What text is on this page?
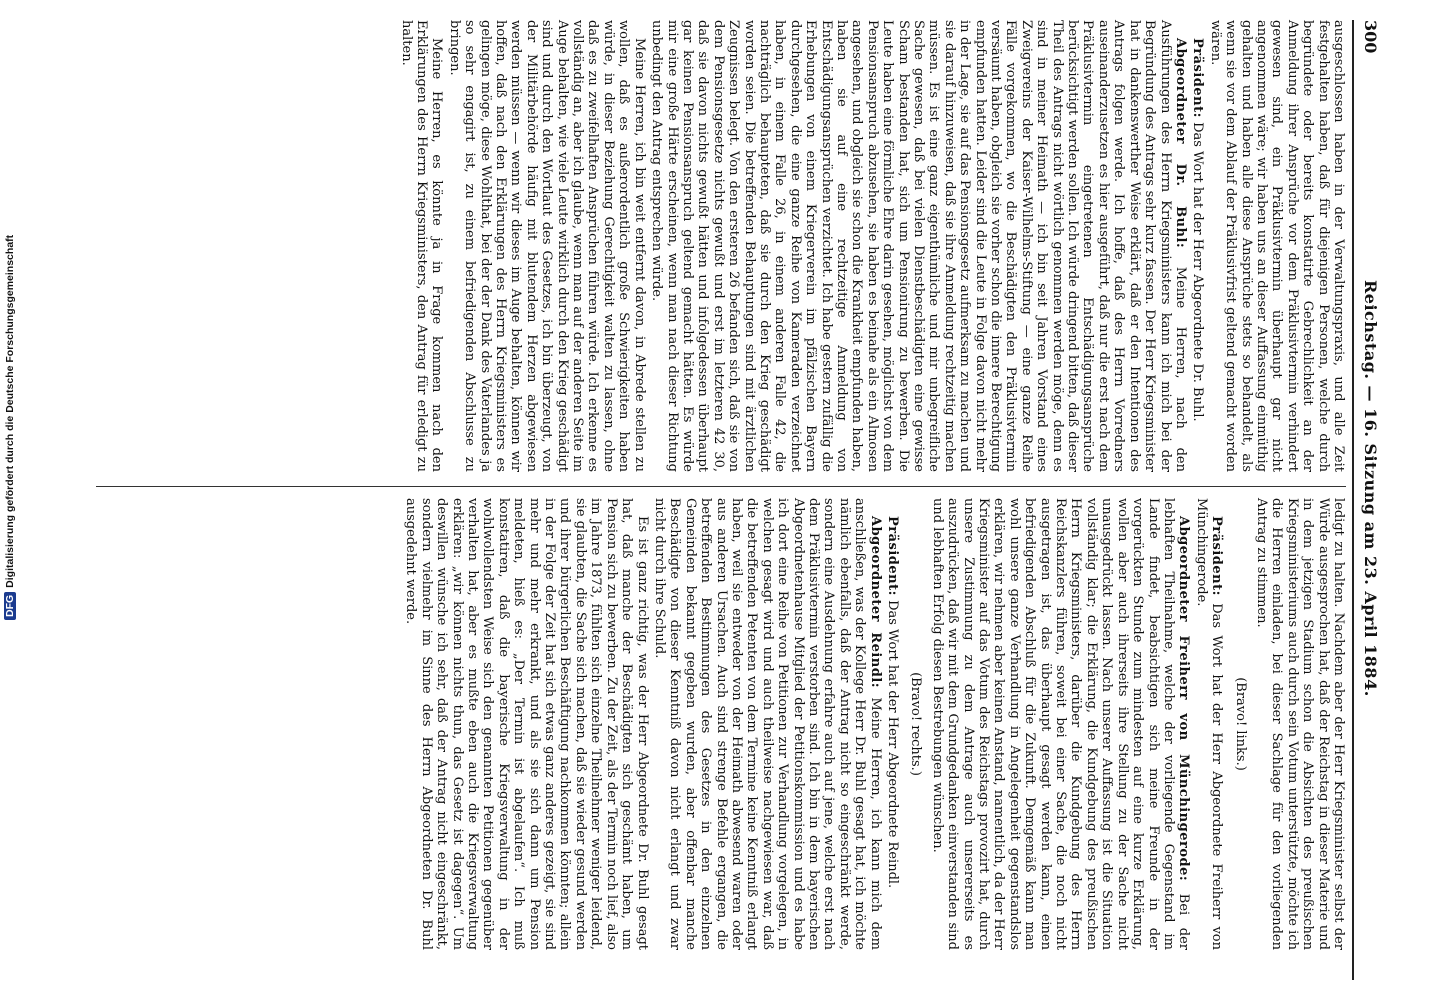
300
Reichstag. — 16. Sitzung am 23. April 1884.

ausgeschlossen haben in der Verwaltungspraxis, und alle Zeit festgehalten haben, daß für diejenigen Personen, welche durch begründete oder bereits konstatirte Gebrechlichkeit an der Anmeldung ihrer Ansprüche vor dem Präklusivtermin verhindert gewesen sind, ein Präklusivtermin überhaupt gar nicht angenommen wäre; wir haben uns an dieser Auffassung einmüthig gehalten und haben alle diese Ansprüche stets so behandelt, als wenn sie vor dem Ablauf der Präklusivfrist geltend gemacht worden wären.

Präsident: Das Wort hat der Herr Abgeordnete Dr. Buhl.

Abgeordneter Dr. Buhl: Meine Herren, nach den Ausführungen des Herrn Kriegsministers kann ich mich bei der Begründung des Antrags sehr kurz fassen. Der Herr Kriegsminister hat in dankenswerther Weise erklärt, daß er den Intentionen des Antrags folgen werde. Ich hoffe, daß des Herrn Vorredners auseinanderzusetzen es hier ausgeführt, daß nur die erst nach dem Präklusivtermin eingetretenen Entschädigungsansprüche berücksichtigt werden sollen. Ich würde dringend bitten, daß dieser Theil des Antrags nicht wörtlich genommen werden möge, denn es sind in meiner Heimath — ich bin seit Jahren Vorstand eines Zweigvereins der Kaiser-Wilhelms-Stiftung — eine ganze Reihe Fälle vorgekommen, wo die Beschädigten den Präklusivtermin versäumt haben, obgleich sie vorher schon die innere Berechtigung empfunden hatten. Leider sind die Leute in Folge davon nicht mehr in der Lage, sie auf das Pensionsgesetz aufmerksam zu machen und sie darauf hinzuweisen, daß sie ihre Anmeldung rechtzeitig machen müssen. Es ist eine ganz eigenthümliche und mir unbegreifliche Sache gewesen, daß bei vielen Dienstbeschädigten eine gewisse Scham bestanden hat, sich um Pensionirung zu bewerben. Die Leute haben eine förmliche Ehre darin gesehen, möglichst von dem Pensionsanspruch abzusehen, sie haben es beinahe als ein Almosen angesehen, und obgleich sie schon die Krankheit empfunden haben, haben sie auf eine rechtzeitige Anmeldung von Entschädigungsansprüchen verzichtet. Ich habe gestern zufällig die Erhebungen von einem Kriegerverein im pfälzischen Bayern durchgesehen, die eine ganze Reihe von Kameraden verzeichnet haben, in einem Falle 26, in einem anderen Falle 42, die nachträglich behaupteten, daß sie durch den Krieg geschädigt worden seien. Die betreffenden Behauptungen sind mit ärztlichen Zeugnissen belegt. Von den ersteren 26 befanden sich, daß sie von dem Pensionsgesetze nichts gewußt und erst im letzteren 42 30, daß sie davon nichts gewußt hätten und infolgedessen überhaupt gar keinen Pensionsanspruch geltend gemacht hätten. Es würde mir eine große Härte erscheinen, wenn man nach dieser Richtung unbedingt den Antrag entsprechen würde.

Meine Herren, ich bin weit entfernt davon, in Abrede stellen zu wollen, daß es außerordentlich große Schwierigkeiten haben würde, in dieser Beziehung Gerechtigkeit walten zu lassen, ohne daß es zu zweifelhaften Ansprüchen führen würde. Ich erkenne es vollständig an, aber ich glaube, wenn man auf der anderen Seite im Auge behalten, wie viele Leute wirklich durch den Krieg geschädigt sind und durch den Wortlaut des Gesetzes, ich bin überzeugt, von der Militärbehörde häufig mit blutendem Herzen abgewiesen werden müssen — wenn wir dieses im Auge behalten, können wir hoffen, daß nach den Erklärungen des Herrn Kriegsministers es gelingen möge, diese Wohlthat, bei der der Dank des Vaterlandes ja so sehr engagirt ist, zu einem befriedigenden Abschlusse zu bringen.

Meine Herren, es könnte ja in Frage kommen nach den Erklärungen des Herrn Kriegsministers, den Antrag für erledigt zu halten.

ledigt zu halten. Nachdem aber der Herr Kriegsminister selbst der Würde ausgesprochen hat, daß der Reichstag in dieser Materie und in dem jetzigen Stadium schon die Absichten des preußischen Kriegsministeriums auch durch sein Votum unterstützte, möchte ich die Herren einladen, bei dieser Sachlage für den vorliegenden Antrag zu stimmen.

(Bravo! links.)

Präsident: Das Wort hat der Herr Abgeordnete Freiherr von Münchingerode.

Abgeordneter Freiherr von Münchingerode: Bei der lebhaften Theilnahme, welche der vorliegende Gegenstand im Lande findet, beabsichtigen sich meine Freunde in der vorgerückten Stunde zum mindesten auf eine kurze Erklärung, wollen aber auch ihrerseits ihre Stellung zu der Sache nicht unausgedrückt lassen. Nach unserer Auffassung ist die Situation vollständig klar; die Erklärung, die Kundgebung des preußischen Herrn Kriegsministers, darüber die Kundgebung des Herrn Reichskanzlers führen, soweit bei einer Sache, die noch nicht ausgetragen ist, das überhaupt gesagt werden kann, einen befriedigenden Abschluß für die Zukunft. Demgemäß kann man wohl unsere ganze Verhandlung in Angelegenheit gegenstandslos erklären, wir nehmen aber keinen Anstand, namentlich, da der Herr Kriegsminister auf das Votum des Reichstags provozirt hat, durch unsere Zustimmung zu dem Antrage auch unsererseits es auszudrücken, daß wir mit dem Grundgedanken einverstanden sind und lebhaften Erfolg diesen Bestrebungen wünschen.

(Bravo! rechts.)

Präsident: Das Wort hat der Herr Abgeordnete Reindl.

Abgeordneter Reindl: Meine Herren, ich kann mich dem anschließen, was der Kollege Herr Dr. Buhl gesagt hat, ich möchte nämlich ebenfalls, daß der Antrag nicht so eingeschränkt werde, sondern eine Ausdehnung erfahre auch auf jene, welche erst nach dem Präklusivtermin verstorben sind. Ich bin in dem bayerischen Abgeordnetenhause Mitglied der Petitionskommission und es habe ich dort eine Reihe von Petitionen zur Verhandlung vorgelegen, in welchen gesagt wird und auch theilweise nachgewiesen war, daß die betreffenden Petenten von dem Termine keine Kenntniß erlangt haben, weil sie entweder von der Heimath abwesend waren oder aus anderen Ursachen. Auch sind strenge Befehle ergangen, die betreffenden Bestimmungen des Gesetzes in den einzelnen Gemeinden bekannt gegeben wurden, aber offenbar manche Beschädigte von dieser Kenntniß davon nicht erlangt und zwar nicht durch ihre Schuld.

Es ist ganz richtig, was der Herr Abgeordnete Dr. Buhl gesagt hat, daß manche der Beschädigten sich geschämt haben, um Pension sich zu bewerben. Zu der Zeit, als der Termin noch lief, also im Jahre 1873, fühlten sich einzelne Theilnehmer weniger leidend, sie glaubten, die Sache sich machen, daß sie wieder gesund werden und ihrer bürgerlichen Beschäftigung nachkommen könnten; allein in der Folge der Zeit hat sich etwas ganz anderes gezeigt, sie sind mehr und mehr erkrankt, und als sie sich dann um Pension meldeten, hieß es: „Der Termin ist abgelaufen“. Ich muß konstatiren, daß die bayerische Kriegsverwaltung in der wohlwollendsten Weise sich den genannten Petitionen gegenüber verhalten hat, aber es mußte eben auch die Kriegsverwaltung erklären: „wir können nichts thun, das Gesetz ist dagegen“. Um deswillen wünsche ich sehr, daß der Antrag nicht eingeschränkt, sondern vielmehr im Sinne des Herrn Abgeordneten Dr. Buhl ausgedehnt werde.

DFGDigitalisierung gefördert durch die Deutsche Forschungsgemeinschaft
